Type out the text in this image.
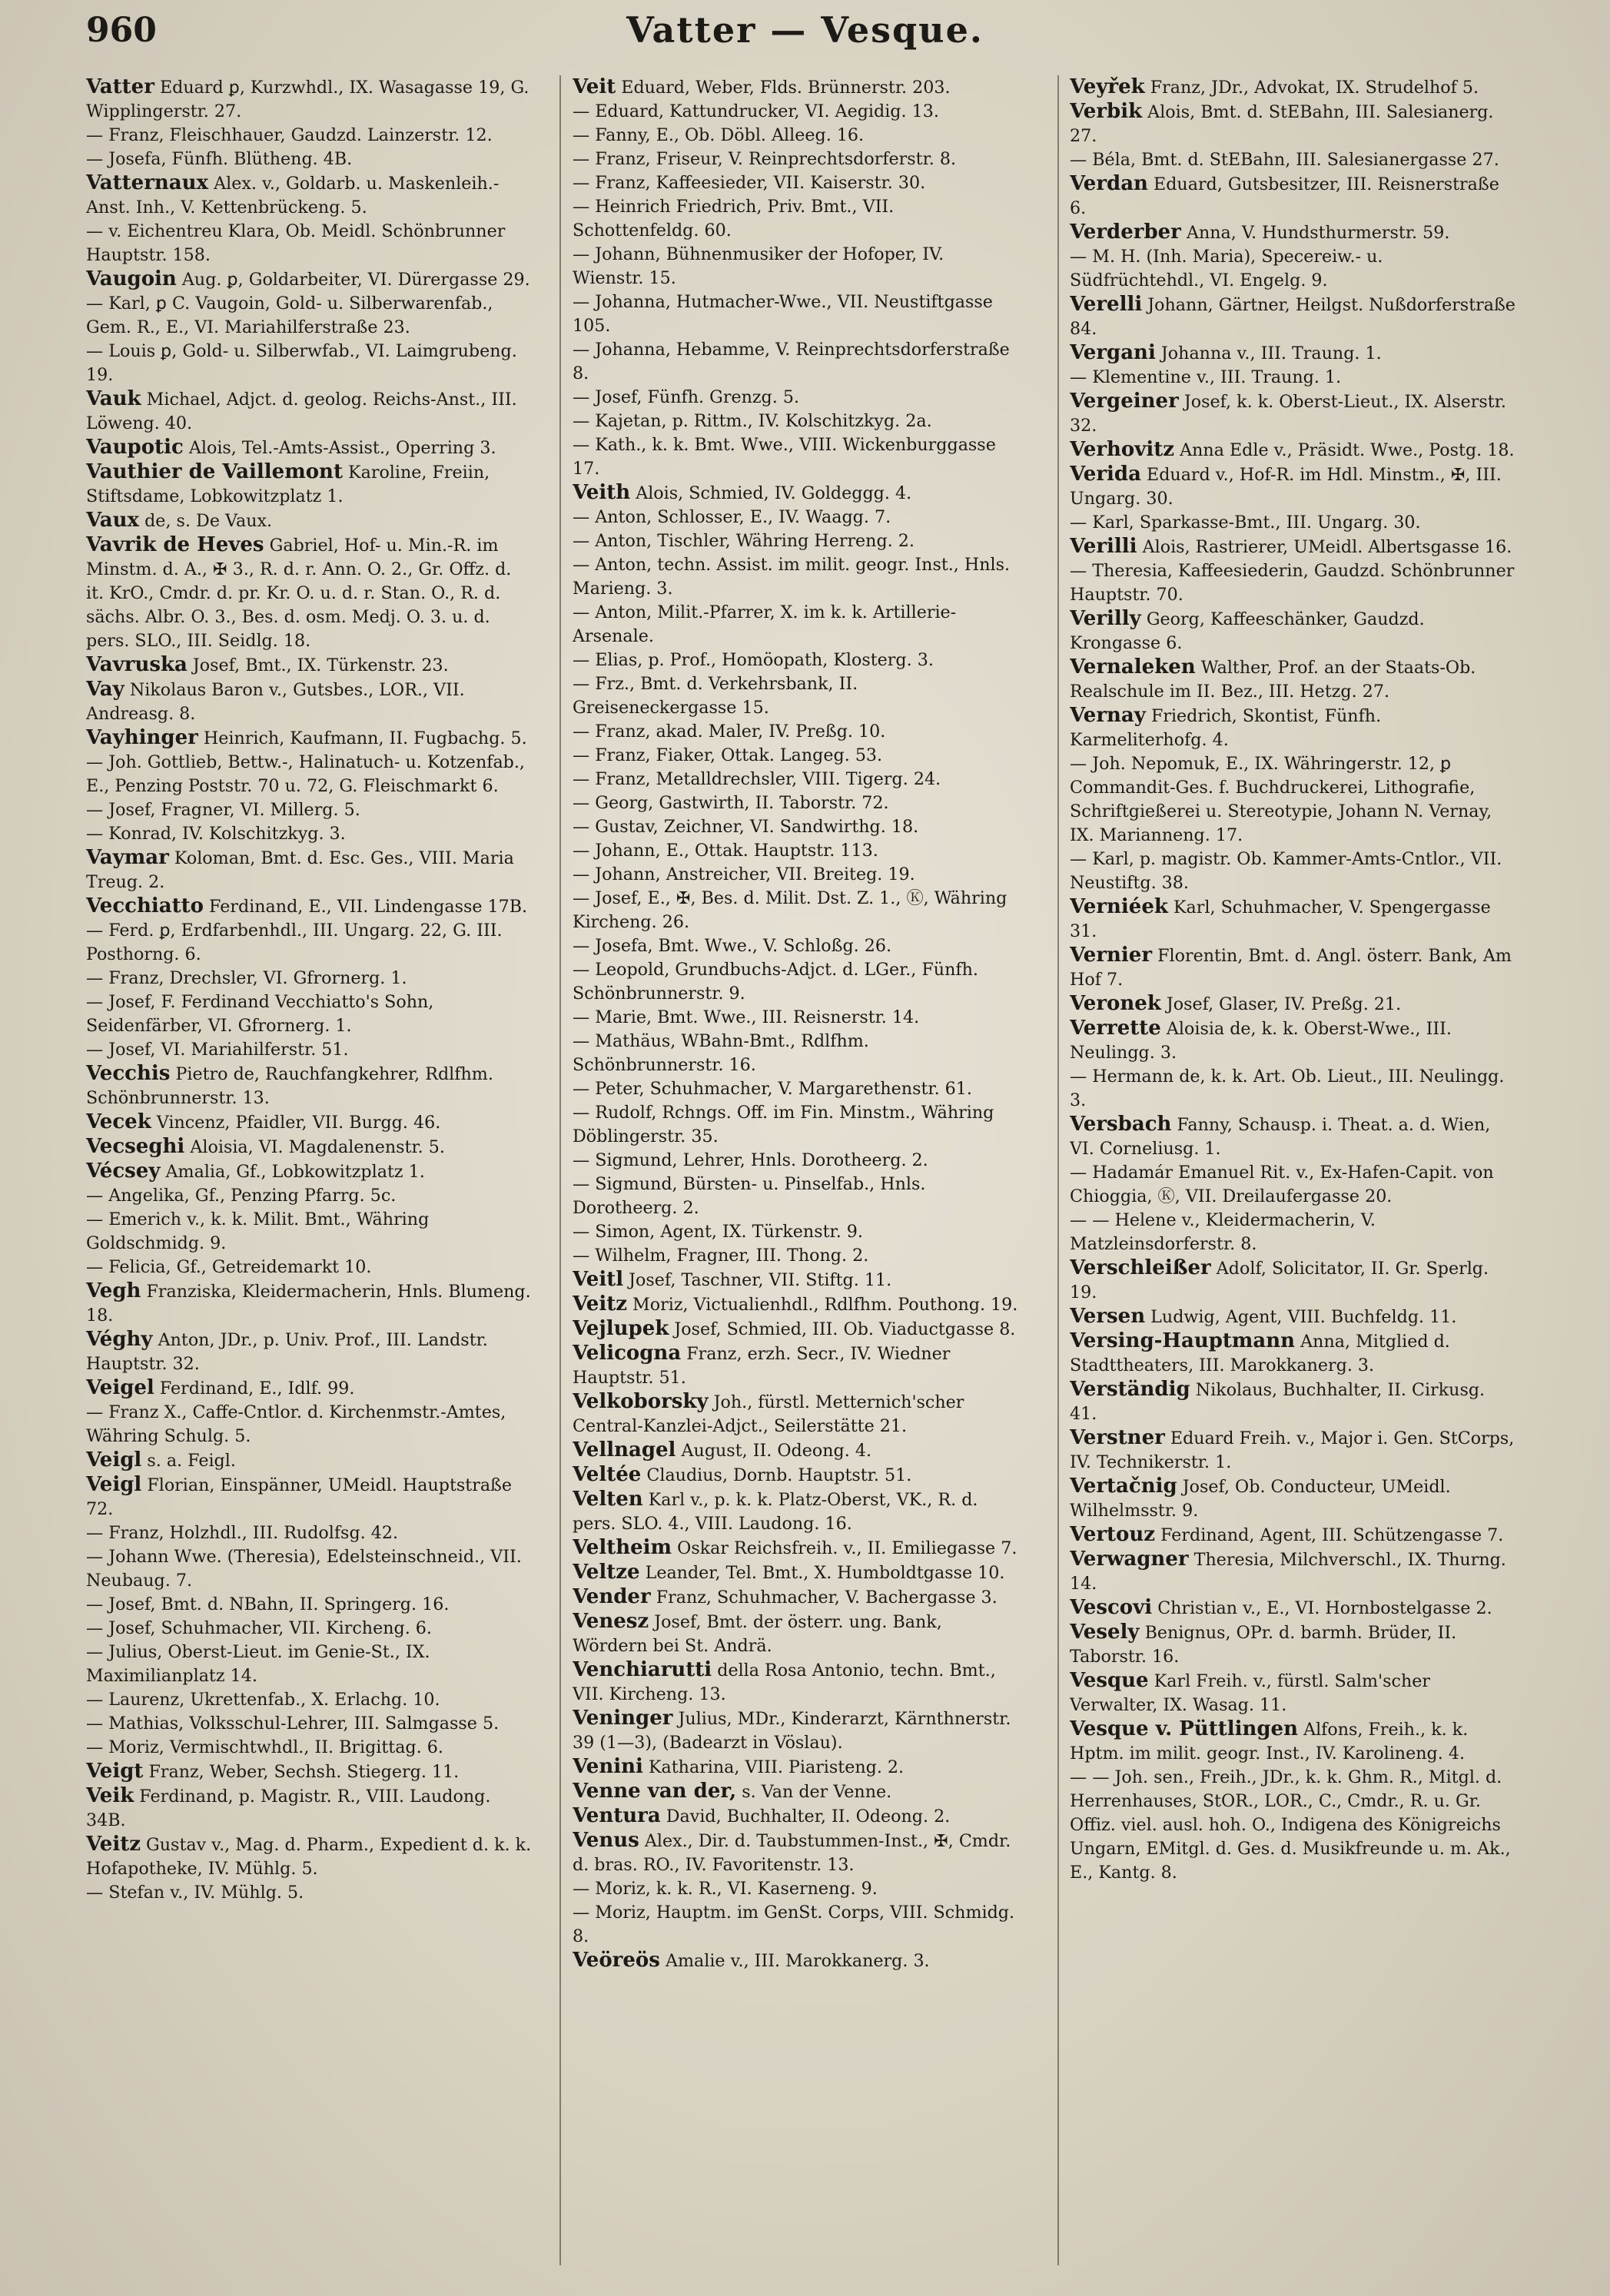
960	Vatter — Vesque.
Vatter Eduard ꝑ, Kurzwhdl., IX. Wasagasse 19, G. Wipplingerstr. 27.
— Franz, Fleischhauer, Gaudzd. Lainzerstr. 12.
— Josefa, Fünfh. Blütheng. 4B.
Vatternaux Alex. v., Goldarb. u. Maskenleih.-Anst. Inh., V. Kettenbrückeng. 5.
— v. Eichentreu Klara, Ob. Meidl. Schönbrunner Hauptstr. 158.
Vaugoin Aug. ꝑ, Goldarbeiter, VI. Dürergasse 29.
— Karl, ꝑ C. Vaugoin, Gold- u. Silberwarenfab., Gem. R., E., VI. Mariahilferstraße 23.
— Louis ꝑ, Gold- u. Silberwfab., VI. Laimgrubeng. 19.
Vauk Michael, Adjct. d. geolog. Reichs-Anst., III. Löweng. 40.
Vaupotic Alois, Tel.-Amts-Assist., Operring 3.
Vauthier de Vaillemont Karoline, Freiin, Stiftsdame, Lobkowitzplatz 1.
Vaux de, s. De Vaux.
Vavrik de Heves Gabriel, Hof- u. Min.-R. im Minstm. d. A., ✠ 3., R. d. r. Ann. O. 2., Gr. Offz. d. it. KrO., Cmdr. d. pr. Kr. O. u. d. r. Stan. O., R. d. sächs. Albr. O. 3., Bes. d. osm. Medj. O. 3. u. d. pers. SLO., III. Seidlg. 18.
Vavruska Josef, Bmt., IX. Türkenstr. 23.
Vay Nikolaus Baron v., Gutsbes., LOR., VII. Andreasg. 8.
Vayhinger Heinrich, Kaufmann, II. Fugbachg. 5.
— Joh. Gottlieb, Bettw.-, Halinatuch- u. Kotzenfab., E., Penzing Poststr. 70 u. 72, G. Fleischmarkt 6.
— Josef, Fragner, VI. Millerg. 5.
— Konrad, IV. Kolschitzkyg. 3.
Vaymar Koloman, Bmt. d. Esc. Ges., VIII. Maria Treug. 2.
Vecchiatto Ferdinand, E., VII. Lindengasse 17B.
— Ferd. ꝑ, Erdfarbenhdl., III. Ungarg. 22, G. III. Posthorng. 6.
— Franz, Drechsler, VI. Gfrornerg. 1.
— Josef, F. Ferdinand Vecchiatto's Sohn, Seidenfärber, VI. Gfrornerg. 1.
— Josef, VI. Mariahilferstr. 51.
Vecchis Pietro de, Rauchfangkehrer, Rdlfhm. Schönbrunnerstr. 13.
Vecek Vincenz, Pfaidler, VII. Burgg. 46.
Vecseghi Aloisia, VI. Magdalenenstr. 5.
Vécsey Amalia, Gf., Lobkowitzplatz 1.
— Angelika, Gf., Penzing Pfarrg. 5c.
— Emerich v., k. k. Milit. Bmt., Währing Goldschmidg. 9.
— Felicia, Gf., Getreidemarkt 10.
Vegh Franziska, Kleidermacherin, Hnls. Blumeng. 18.
Véghy Anton, JDr., p. Univ. Prof., III. Landstr. Hauptstr. 32.
Veigel Ferdinand, E., Idlf. 99.
— Franz X., Caffe-Cntlor. d. Kirchenmstr.-Amtes, Währing Schulg. 5.
Veigl s. a. Feigl.
Veigl Florian, Einspänner, UMeidl. Hauptstraße 72.
— Franz, Holzhdl., III. Rudolfsg. 42.
— Johann Wwe. (Theresia), Edelsteinschneid., VII. Neubaug. 7.
— Josef, Bmt. d. NBahn, II. Springerg. 16.
— Josef, Schuhmacher, VII. Kircheng. 6.
— Julius, Oberst-Lieut. im Genie-St., IX. Maximilianplatz 14.
— Laurenz, Ukrettenfab., X. Erlachg. 10.
— Mathias, Volksschul-Lehrer, III. Salmgasse 5.
— Moriz, Vermischtwhdl., II. Brigittag. 6.
Veigt Franz, Weber, Sechsh. Stiegerg. 11.
Veik Ferdinand, p. Magistr. R., VIII. Laudong. 34B.
Veitz Gustav v., Mag. d. Pharm., Expedient d. k. k. Hofapotheke, IV. Mühlg. 5.
— Stefan v., IV. Mühlg. 5.
Veit Eduard, Weber, Flds. Brünnerstr. 203.
— Eduard, Kattundrucker, VI. Aegidig. 13.
— Fanny, E., Ob. Döbl. Alleeg. 16.
— Franz, Friseur, V. Reinprechtsdorferstr. 8.
— Franz, Kaffeesieder, VII. Kaiserstr. 30.
— Heinrich Friedrich, Priv. Bmt., VII. Schottenfeldg. 60.
— Johann, Bühnenmusiker der Hofoper, IV. Wienstr. 15.
— Johanna, Hutmacher-Wwe., VII. Neustiftgasse 105.
— Johanna, Hebamme, V. Reinprechtsdorferstraße 8.
— Josef, Fünfh. Grenzg. 5.
— Kajetan, p. Rittm., IV. Kolschitzkyg. 2a.
— Kath., k. k. Bmt. Wwe., VIII. Wickenburggasse 17.
Veith Alois, Schmied, IV. Goldeggg. 4.
— Anton, Schlosser, E., IV. Waagg. 7.
— Anton, Tischler, Währing Herreng. 2.
— Anton, techn. Assist. im milit. geogr. Inst., Hnls. Marieng. 3.
— Anton, Milit.-Pfarrer, X. im k. k. Artillerie-Arsenale.
— Elias, p. Prof., Homöopath, Klosterg. 3.
— Frz., Bmt. d. Verkehrsbank, II. Greiseneckergasse 15.
— Franz, akad. Maler, IV. Preßg. 10.
— Franz, Fiaker, Ottak. Langeg. 53.
— Franz, Metalldrechsler, VIII. Tigerg. 24.
— Georg, Gastwirth, II. Taborstr. 72.
— Gustav, Zeichner, VI. Sandwirthg. 18.
— Johann, E., Ottak. Hauptstr. 113.
— Johann, Anstreicher, VII. Breiteg. 19.
— Josef, E., ✠, Bes. d. Milit. Dst. Z. 1., Ⓚ, Währing Kircheng. 26.
— Josefa, Bmt. Wwe., V. Schloßg. 26.
— Leopold, Grundbuchs-Adjct. d. LGer., Fünfh. Schönbrunnerstr. 9.
— Marie, Bmt. Wwe., III. Reisnerstr. 14.
— Mathäus, WBahn-Bmt., Rdlfhm. Schönbrunnerstr. 16.
— Peter, Schuhmacher, V. Margarethenstr. 61.
— Rudolf, Rchngs. Off. im Fin. Minstm., Währing Döblingerstr. 35.
— Sigmund, Lehrer, Hnls. Dorotheerg. 2.
— Sigmund, Bürsten- u. Pinselfab., Hnls. Dorotheerg. 2.
— Simon, Agent, IX. Türkenstr. 9.
— Wilhelm, Fragner, III. Thong. 2.
Veitl Josef, Taschner, VII. Stiftg. 11.
Veitz Moriz, Victualienhdl., Rdlfhm. Pouthong. 19.
Vejlupek Josef, Schmied, III. Ob. Viaductgasse 8.
Velicogna Franz, erzh. Secr., IV. Wiedner Hauptstr. 51.
Velkoborsky Joh., fürstl. Metternich'scher Central-Kanzlei-Adjct., Seilerstätte 21.
Vellnagel August, II. Odeong. 4.
Veltée Claudius, Dornb. Hauptstr. 51.
Velten Karl v., p. k. k. Platz-Oberst, VK., R. d. pers. SLO. 4., VIII. Laudong. 16.
Veltheim Oskar Reichsfreih. v., II. Emiliegasse 7.
Veltze Leander, Tel. Bmt., X. Humboldtgasse 10.
Vender Franz, Schuhmacher, V. Bachergasse 3.
Venesz Josef, Bmt. der österr. ung. Bank, Wördern bei St. Andrä.
Venchiarutti della Rosa Antonio, techn. Bmt., VII. Kircheng. 13.
Veninger Julius, MDr., Kinderarzt, Kärnthnerstr. 39 (1—3), (Badearzt in Vöslau).
Venini Katharina, VIII. Piaristeng. 2.
Venne van der, s. Van der Venne.
Ventura David, Buchhalter, II. Odeong. 2.
Venus Alex., Dir. d. Taubstummen-Inst., ✠, Cmdr. d. bras. RO., IV. Favoritenstr. 13.
— Moriz, k. k. R., VI. Kaserneng. 9.
— Moriz, Hauptm. im GenSt. Corps, VIII. Schmidg. 8.
Veöreös Amalie v., III. Marokkanerg. 3.
Veyřek Franz, JDr., Advokat, IX. Strudelhof 5.
Verbik Alois, Bmt. d. StEBahn, III. Salesianerg. 27.
— Béla, Bmt. d. StEBahn, III. Salesianergasse 27.
Verdan Eduard, Gutsbesitzer, III. Reisnerstraße 6.
Verderber Anna, V. Hundsthurmerstr. 59.
— M. H. (Inh. Maria), Specereiw.- u. Südfrüchtehdl., VI. Engelg. 9.
Verelli Johann, Gärtner, Heilgst. Nußdorferstraße 84.
Vergani Johanna v., III. Traung. 1.
— Klementine v., III. Traung. 1.
Vergeiner Josef, k. k. Oberst-Lieut., IX. Alserstr. 32.
Verhovitz Anna Edle v., Präsidt. Wwe., Postg. 18.
Verida Eduard v., Hof-R. im Hdl. Minstm., ✠, III. Ungarg. 30.
— Karl, Sparkasse-Bmt., III. Ungarg. 30.
Verilli Alois, Rastrierer, UMeidl. Albertsgasse 16.
— Theresia, Kaffeesiederin, Gaudzd. Schönbrunner Hauptstr. 70.
Verilly Georg, Kaffeeschänker, Gaudzd. Krongasse 6.
Vernaleken Walther, Prof. an der Staats-Ob. Realschule im II. Bez., III. Hetzg. 27.
Vernay Friedrich, Skontist, Fünfh. Karmeliterhofg. 4.
— Joh. Nepomuk, E., IX. Währingerstr. 12, ꝑ Commandit-Ges. f. Buchdruckerei, Lithografie, Schriftgießerei u. Stereotypie, Johann N. Vernay, IX. Marianneng. 17.
— Karl, p. magistr. Ob. Kammer-Amts-Cntlor., VII. Neustiftg. 38.
Verniéek Karl, Schuhmacher, V. Spengergasse 31.
Vernier Florentin, Bmt. d. Angl. österr. Bank, Am Hof 7.
Veronek Josef, Glaser, IV. Preßg. 21.
Verrette Aloisia de, k. k. Oberst-Wwe., III. Neulingg. 3.
— Hermann de, k. k. Art. Ob. Lieut., III. Neulingg. 3.
Versbach Fanny, Schausp. i. Theat. a. d. Wien, VI. Corneliusg. 1.
— Hadamár Emanuel Rit. v., Ex-Hafen-Capit. von Chioggia, Ⓚ, VII. Dreilaufergasse 20.
— — Helene v., Kleidermacherin, V. Matzleinsdorferstr. 8.
Verschleißer Adolf, Solicitator, II. Gr. Sperlg. 19.
Versen Ludwig, Agent, VIII. Buchfeldg. 11.
Versing-Hauptmann Anna, Mitglied d. Stadttheaters, III. Marokkanerg. 3.
Verständig Nikolaus, Buchhalter, II. Cirkusg. 41.
Verstner Eduard Freih. v., Major i. Gen. StCorps, IV. Technikerstr. 1.
Vertačnig Josef, Ob. Conducteur, UMeidl. Wilhelmsstr. 9.
Vertouz Ferdinand, Agent, III. Schützengasse 7.
Verwagner Theresia, Milchverschl., IX. Thurng. 14.
Vescovi Christian v., E., VI. Hornbostelgasse 2.
Vesely Benignus, OPr. d. barmh. Brüder, II. Taborstr. 16.
Vesque Karl Freih. v., fürstl. Salm'scher Verwalter, IX. Wasag. 11.
Vesque v. Püttlingen Alfons, Freih., k. k. Hptm. im milit. geogr. Inst., IV. Karolineng. 4.
— — Joh. sen., Freih., JDr., k. k. Ghm. R., Mitgl. d. Herrenhauses, StOR., LOR., C., Cmdr., R. u. Gr. Offiz. viel. ausl. hoh. O., Indigena des Königreichs Ungarn, EMitgl. d. Ges. d. Musikfreunde u. m. Ak., E., Kantg. 8.
